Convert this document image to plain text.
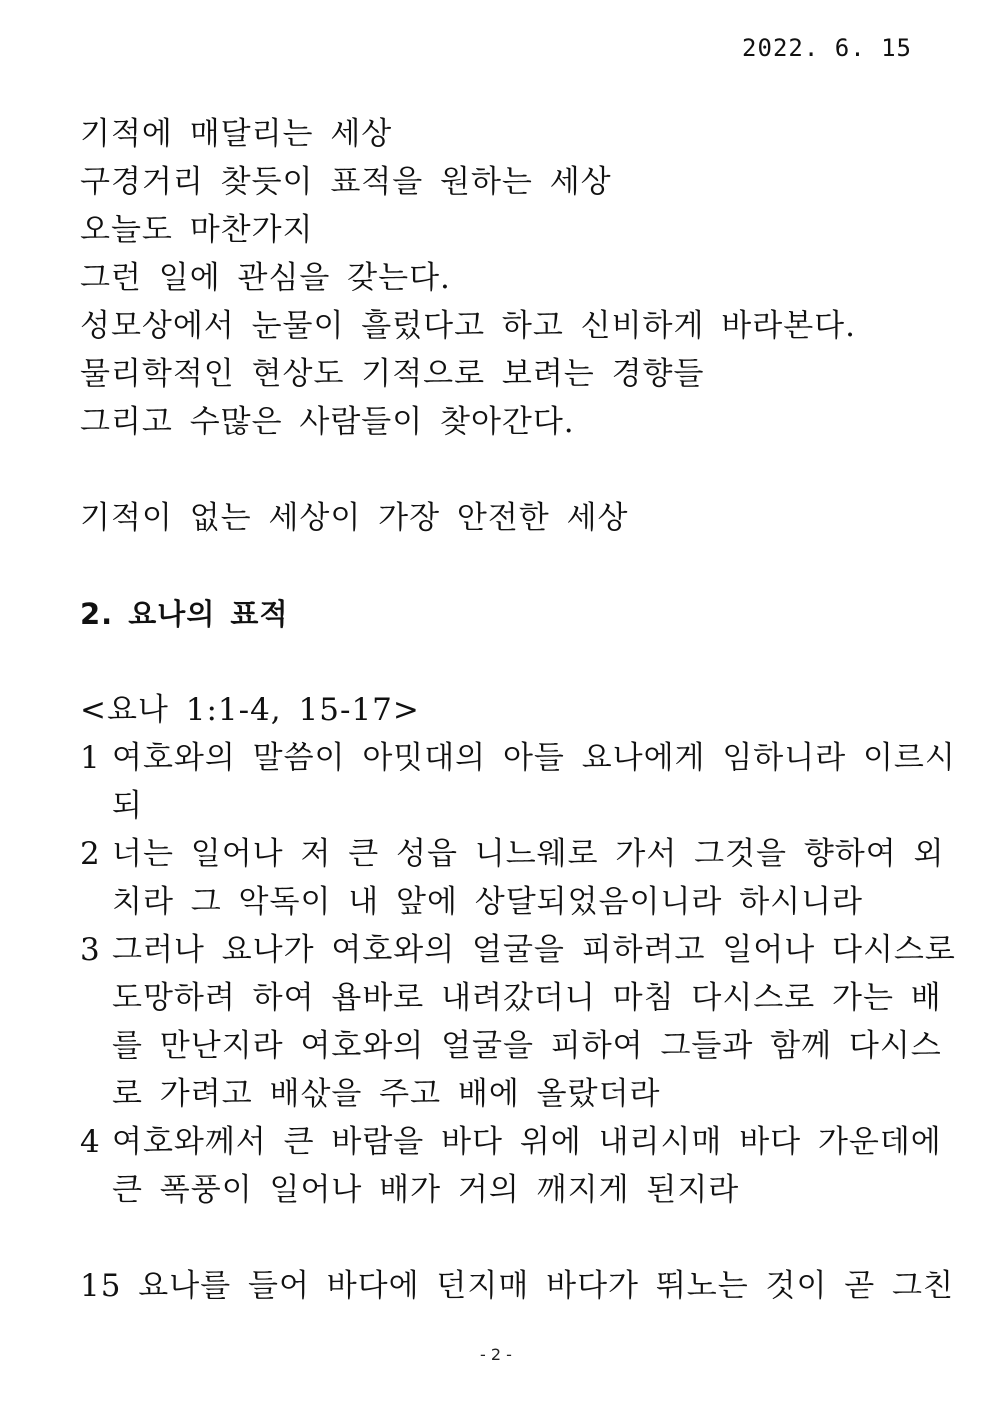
2022. 6. 15
기적에 매달리는 세상
구경거리 찾듯이 표적을 원하는 세상
오늘도 마찬가지
그런 일에 관심을 갖는다.
성모상에서 눈물이 흘렀다고 하고 신비하게 바라본다.
물리학적인 현상도 기적으로 보려는 경향들
그리고 수많은 사람들이 찾아간다.
기적이 없는 세상이 가장 안전한 세상
2. 요나의 표적
<요나 1:1-4, 15-17>
1 여호와의 말씀이 아밋대의 아들 요나에게 임하니라 이르시
되
2 너는 일어나 저 큰 성읍 니느웨로 가서 그것을 향하여 외
치라 그 악독이 내 앞에 상달되었음이니라 하시니라
3 그러나 요나가 여호와의 얼굴을 피하려고 일어나 다시스로
도망하려 하여 욥바로 내려갔더니 마침 다시스로 가는 배
를 만난지라 여호와의 얼굴을 피하여 그들과 함께 다시스
로 가려고 배삯을 주고 배에 올랐더라
4 여호와께서 큰 바람을 바다 위에 내리시매 바다 가운데에
큰 폭풍이 일어나 배가 거의 깨지게 된지라
15 요나를 들어 바다에 던지매 바다가 뛰노는 것이 곧 그친
- 2 -
